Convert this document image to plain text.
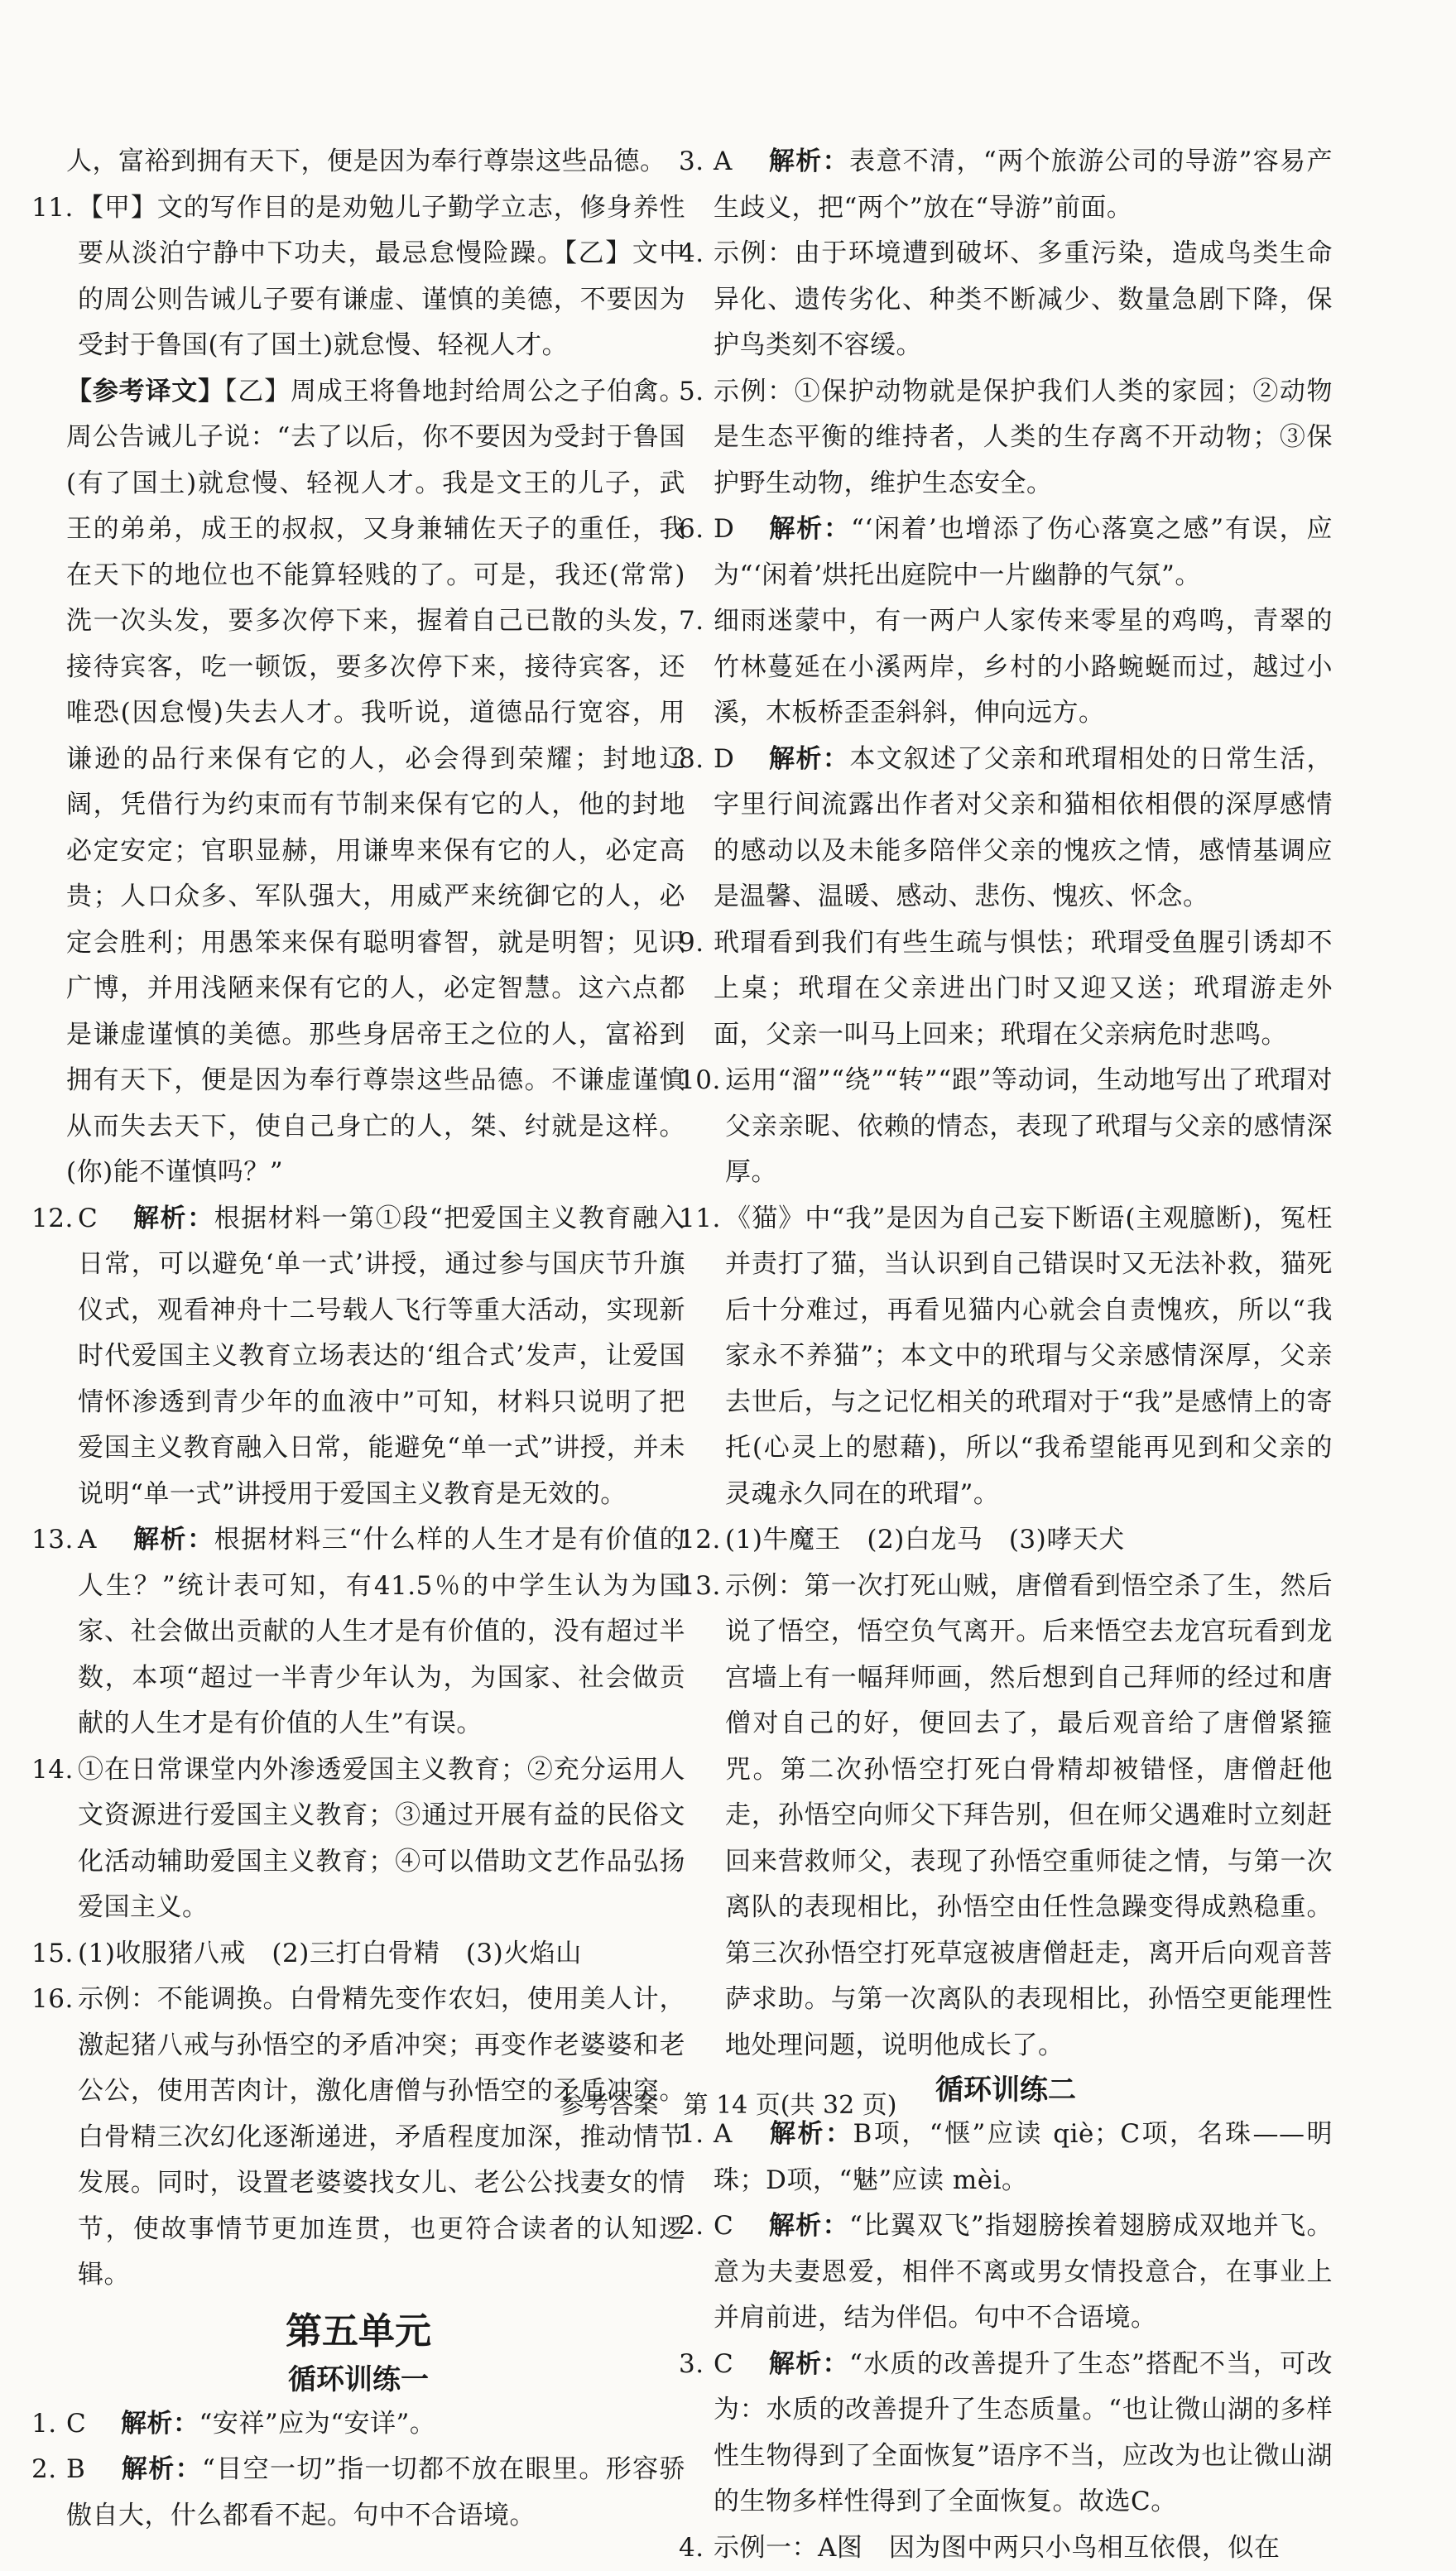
人，富裕到拥有天下，便是因为奉行尊崇这些品德。

11. 【甲】文的写作目的是劝勉儿子勤学立志，修身养性要从淡泊宁静中下功夫，最忌怠慢险躁。【乙】文中的周公则告诫儿子要有谦虚、谨慎的美德，不要因为受封于鲁国(有了国土)就怠慢、轻视人才。

【参考译文】【乙】周成王将鲁地封给周公之子伯禽。周公告诫儿子说：“去了以后，你不要因为受封于鲁国(有了国土)就怠慢、轻视人才。我是文王的儿子，武王的弟弟，成王的叔叔，又身兼辅佐天子的重任，我在天下的地位也不能算轻贱的了。可是，我还(常常)洗一次头发，要多次停下来，握着自己已散的头发，接待宾客，吃一顿饭，要多次停下来，接待宾客，还唯恐(因怠慢)失去人才。我听说，道德品行宽容，用谦逊的品行来保有它的人，必会得到荣耀；封地辽阔，凭借行为约束而有节制来保有它的人，他的封地必定安定；官职显赫，用谦卑来保有它的人，必定高贵；人口众多、军队强大，用威严来统御它的人，必定会胜利；用愚笨来保有聪明睿智，就是明智；见识广博，并用浅陋来保有它的人，必定智慧。这六点都是谦虚谨慎的美德。那些身居帝王之位的人，富裕到拥有天下，便是因为奉行尊崇这些品德。不谦虚谨慎从而失去天下，使自己身亡的人，桀、纣就是这样。(你)能不谨慎吗？”

12. C 解析：根据材料一第①段“把爱国主义教育融入日常，可以避免‘单一式’讲授，通过参与国庆节升旗仪式，观看神舟十二号载人飞行等重大活动，实现新时代爱国主义教育立场表达的‘组合式’发声，让爱国情怀渗透到青少年的血液中”可知，材料只说明了把爱国主义教育融入日常，能避免“单一式”讲授，并未说明“单一式”讲授用于爱国主义教育是无效的。

13. A 解析：根据材料三“什么样的人生才是有价值的人生？”统计表可知，有41.5％的中学生认为为国家、社会做出贡献的人生才是有价值的，没有超过半数，本项“超过一半青少年认为，为国家、社会做贡献的人生才是有价值的人生”有误。

14. ①在日常课堂内外渗透爱国主义教育；②充分运用人文资源进行爱国主义教育；③通过开展有益的民俗文化活动辅助爱国主义教育；④可以借助文艺作品弘扬爱国主义。

15. (1)收服猪八戒　(2)三打白骨精　(3)火焰山

16. 示例：不能调换。白骨精先变作农妇，使用美人计，激起猪八戒与孙悟空的矛盾冲突；再变作老婆婆和老公公，使用苦肉计，激化唐僧与孙悟空的矛盾冲突。白骨精三次幻化逐渐递进，矛盾程度加深，推动情节发展。同时，设置老婆婆找女儿、老公公找妻女的情节，使故事情节更加连贯，也更符合读者的认知逻辑。

第五单元
循环训练一

1. C 解析：“安祥”应为“安详”。

2. B 解析：“目空一切”指一切都不放在眼里。形容骄傲自大，什么都看不起。句中不合语境。

3. A 解析：表意不清，“两个旅游公司的导游”容易产生歧义，把“两个”放在“导游”前面。

4. 示例：由于环境遭到破坏、多重污染，造成鸟类生命异化、遗传劣化、种类不断减少、数量急剧下降，保护鸟类刻不容缓。

5. 示例：①保护动物就是保护我们人类的家园；②动物是生态平衡的维持者，人类的生存离不开动物；③保护野生动物，维护生态安全。

6. D 解析：“‘闲着’也增添了伤心落寞之感”有误，应为“‘闲着’烘托出庭院中一片幽静的气氛”。

7. 细雨迷蒙中，有一两户人家传来零星的鸡鸣，青翠的竹林蔓延在小溪两岸，乡村的小路蜿蜒而过，越过小溪，木板桥歪歪斜斜，伸向远方。

8. D 解析：本文叙述了父亲和玳瑁相处的日常生活，字里行间流露出作者对父亲和猫相依相偎的深厚感情的感动以及未能多陪伴父亲的愧疚之情，感情基调应是温馨、温暖、感动、悲伤、愧疚、怀念。

9. 玳瑁看到我们有些生疏与惧怯；玳瑁受鱼腥引诱却不上桌；玳瑁在父亲进出门时又迎又送；玳瑁游走外面，父亲一叫马上回来；玳瑁在父亲病危时悲鸣。

10. 运用“溜”“绕”“转”“跟”等动词，生动地写出了玳瑁对父亲亲昵、依赖的情态，表现了玳瑁与父亲的感情深厚。

11. 《猫》中“我”是因为自己妄下断语(主观臆断)，冤枉并责打了猫，当认识到自己错误时又无法补救，猫死后十分难过，再看见猫内心就会自责愧疚，所以“我家永不养猫”；本文中的玳瑁与父亲感情深厚，父亲去世后，与之记忆相关的玳瑁对于“我”是感情上的寄托(心灵上的慰藉)，所以“我希望能再见到和父亲的灵魂永久同在的玳瑁”。

12. (1)牛魔王　(2)白龙马　(3)哮天犬

13. 示例：第一次打死山贼，唐僧看到悟空杀了生，然后说了悟空，悟空负气离开。后来悟空去龙宫玩看到龙宫墙上有一幅拜师画，然后想到自己拜师的经过和唐僧对自己的好，便回去了，最后观音给了唐僧紧箍咒。第二次孙悟空打死白骨精却被错怪，唐僧赶他走，孙悟空向师父下拜告别，但在师父遇难时立刻赶回来营救师父，表现了孙悟空重师徒之情，与第一次离队的表现相比，孙悟空由任性急躁变得成熟稳重。第三次孙悟空打死草寇被唐僧赶走，离开后向观音菩萨求助。与第一次离队的表现相比，孙悟空更能理性地处理问题，说明他成长了。

循环训练二

1. A 解析：B项，“惬”应读 qiè；C项，名珠——明珠；D项，“魅”应读 mèi。

2. C 解析：“比翼双飞”指翅膀挨着翅膀成双地并飞。意为夫妻恩爱，相伴不离或男女情投意合，在事业上并肩前进，结为伴侣。句中不合语境。

3. C 解析：“水质的改善提升了生态”搭配不当，可改为：水质的改善提升了生态质量。“也让微山湖的多样性生物得到了全面恢复”语序不当，应改为也让微山湖的生物多样性得到了全面恢复。故选C。

4. 示例一：A图　因为图中两只小鸟相互依偎，似在

参考答案　第 14 页(共 32 页)
